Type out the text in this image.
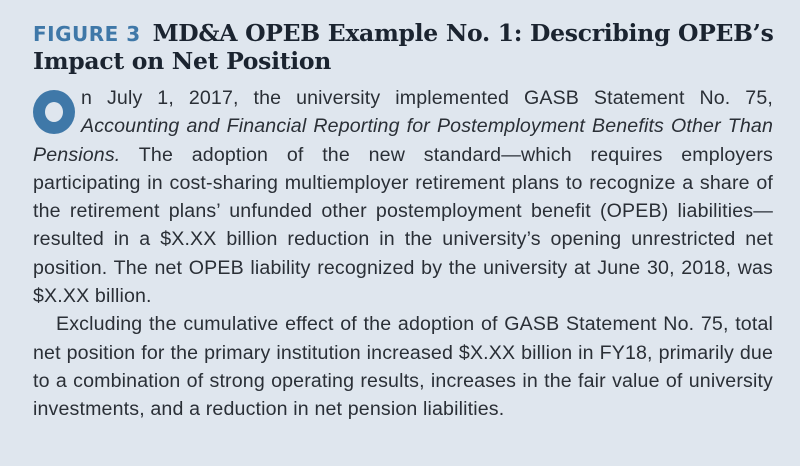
FIGURE 3 MD&A OPEB Example No. 1: Describing OPEB’s Impact on Net Position

n July 1, 2017, the university implemented GASB Statement No. 75, Accounting and Financial Reporting for Postemployment Benefits Other Than Pensions. The adoption of the new standard—which requires employers participating in cost-sharing multiemployer retirement plans to recognize a share of the retirement plans’ unfunded other postemployment benefit (OPEB) liabilities—resulted in a $X.XX billion reduction in the university’s opening unrestricted net position. The net OPEB liability recognized by the university at June 30, 2018, was $X.XX billion.

Excluding the cumulative effect of the adoption of GASB Statement No. 75, total net position for the primary institution increased $X.XX billion in FY18, primarily due to a combination of strong operating results, increases in the fair value of university investments, and a reduction in net pension liabilities.
